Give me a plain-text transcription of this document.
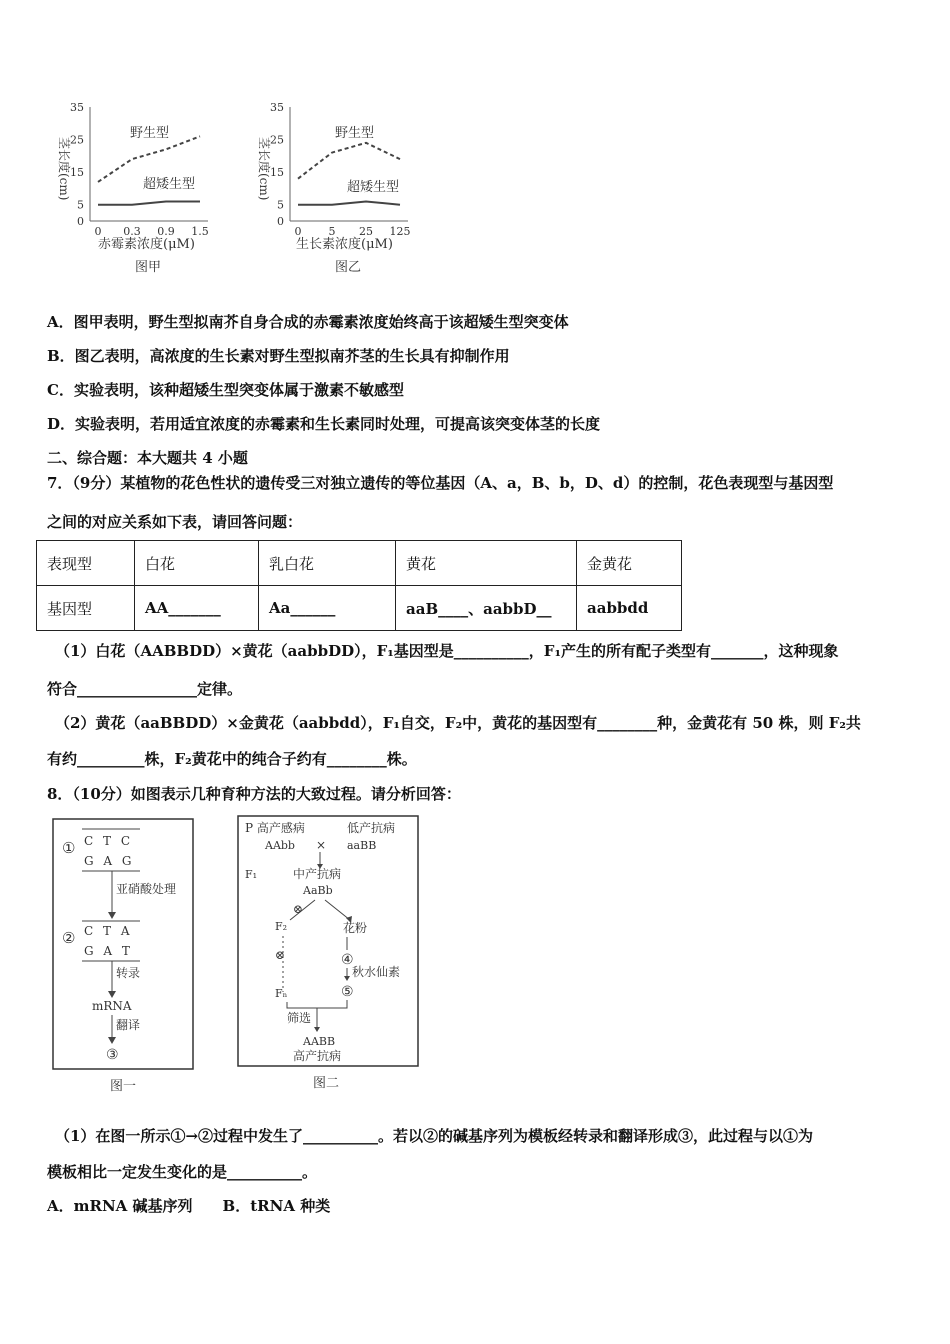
茎长度(cm)
0
5
15
25
35
0 0.3 0.9 1.5
野生型
超矮生型
赤霉素浓度(μM)
图甲
茎长度(cm)
0
5
15
25
35
0 5 25 125
野生型
超矮生型
生长素浓度(μM)
图乙
A．图甲表明，野生型拟南芥自身合成的赤霉素浓度始终高于该超矮生型突变体
B．图乙表明，高浓度的生长素对野生型拟南芥茎的生长具有抑制作用
C．实验表明，该种超矮生型突变体属于激素不敏感型
D．实验表明，若用适宜浓度的赤霉素和生长素同时处理，可提高该突变体茎的长度
二、综合题：本大题共 4 小题
7．（9分）某植物的花色性状的遗传受三对独立遗传的等位基因（A、a，B、b，D、d）的控制，花色表现型与基因型
之间的对应关系如下表，请回答问题：
表现型	白花	乳白花	黄花	金黄花
基因型	AA_______	Aa______	aaB____、aabbD__	aabbdd
（1）白花（AABBDD）×黄花（aabbDD），F₁基因型是__________，F₁产生的所有配子类型有_______，这种现象
符合________________定律。
（2）黄花（aaBBDD）×金黄花（aabbdd），F₁自交，F₂中，黄花的基因型有________种，金黄花有 50 株，则 F₂共
有约_________株，F₂黄花中的纯合子约有________株。
8．（10分）如图表示几种育种方法的大致过程。请分析回答：
① C T C
G A G
亚硝酸处理
② C T A
G A T
转录
mRNA
翻译
③
图一
P 高产感病	低产抗病
AAbb × aaBB
F₁	中产抗病
AaBb
⊗
F₂	花粉
⊗	④
秋水仙素
⑤
Fₙ
筛选
AABB
高产抗病
图二
（1）在图一所示①→②过程中发生了__________。若以②的碱基序列为模板经转录和翻译形成③，此过程与以①为
模板相比一定发生变化的是__________。
A．mRNA 碱基序列　　B．tRNA 种类
